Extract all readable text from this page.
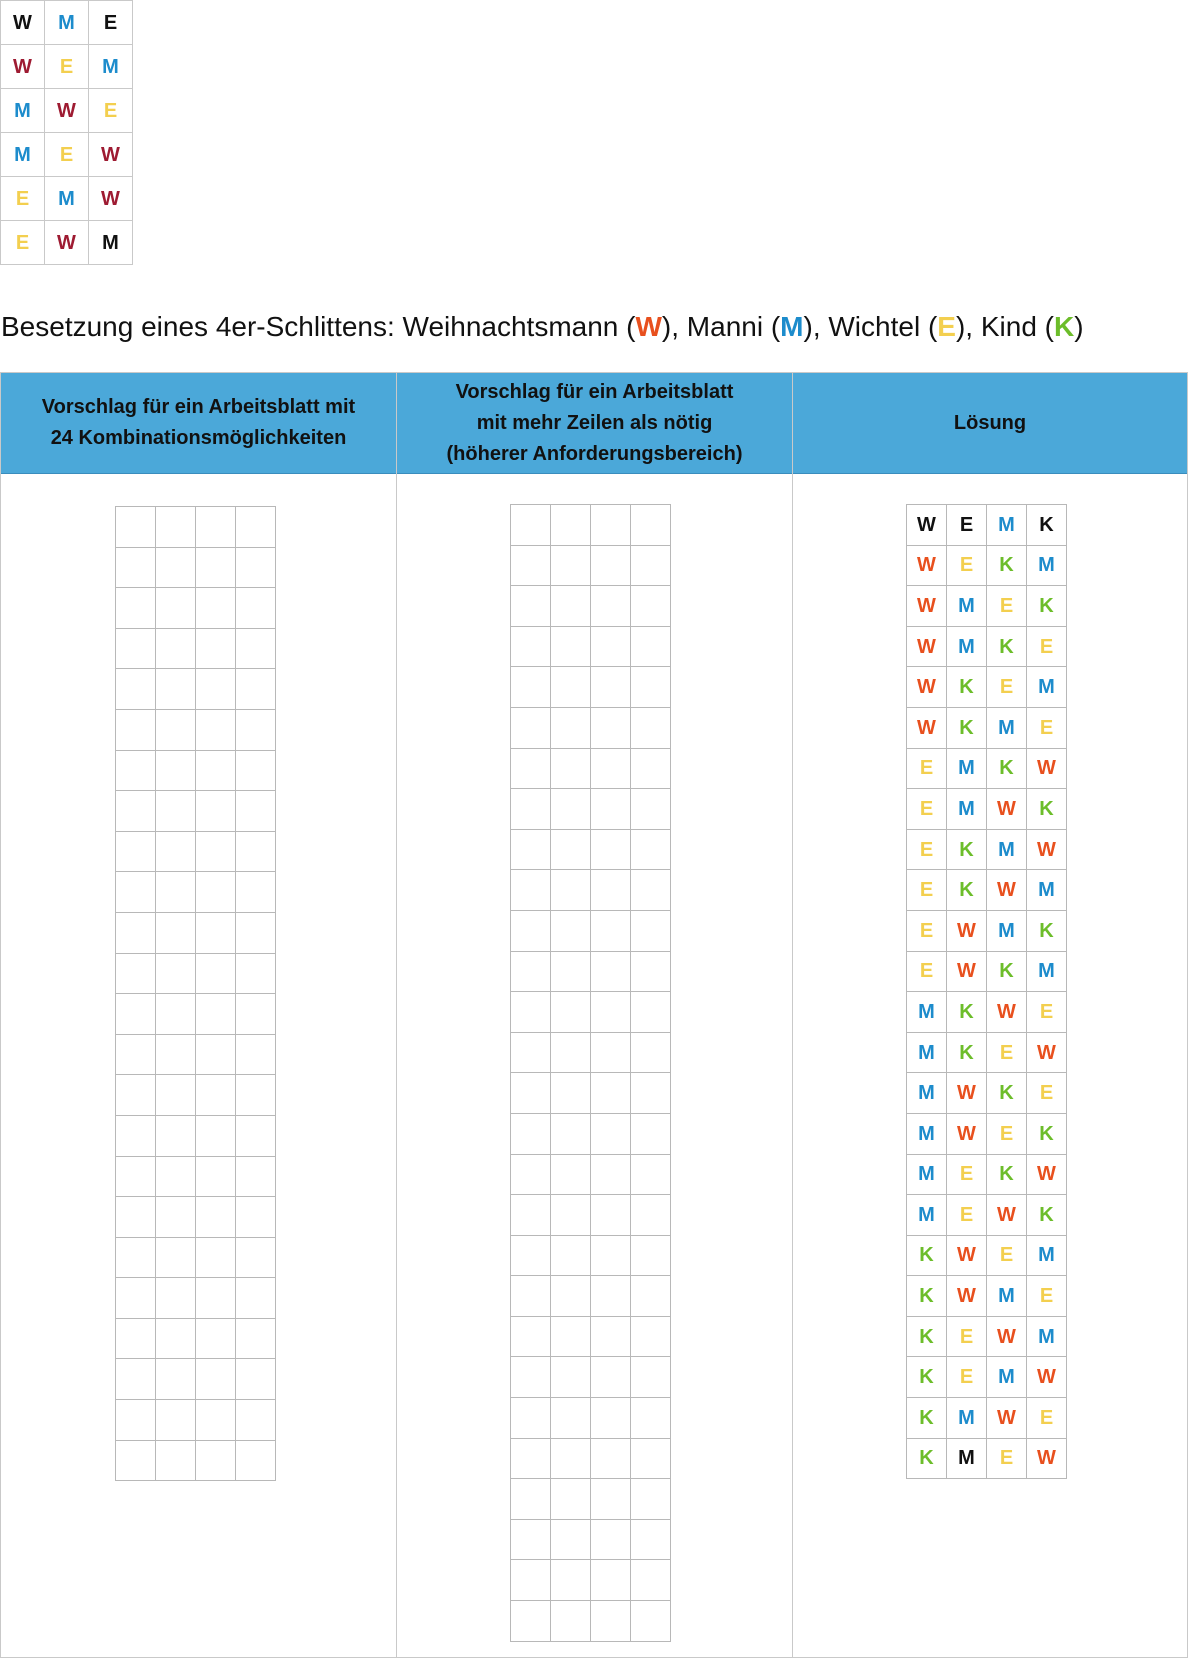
W	M	E
W	E	M
M	W	E
M	E	W
E	M	W
E	W	M
Besetzung eines 4er-Schlittens: Weihnachtsmann (W), Manni (M), Wichtel (E), Kind (K)
Vorschlag für ein Arbeitsblatt mit
24 Kombinationsmöglichkeiten
Vorschlag für ein Arbeitsblatt
mit mehr Zeilen als nötig
(höherer Anforderungsbereich)
Lösung

W	E	M	K
W	E	K	M
W	M	E	K
W	M	K	E
W	K	E	M
W	K	M	E
E	M	K	W
E	M	W	K
E	K	M	W
E	K	W	M
E	W	M	K
E	W	K	M
M	K	W	E
M	K	E	W
M	W	K	E
M	W	E	K
M	E	K	W
M	E	W	K
K	W	E	M
K	W	M	E
K	E	W	M
K	E	M	W
K	M	W	E
K	M	E	W
